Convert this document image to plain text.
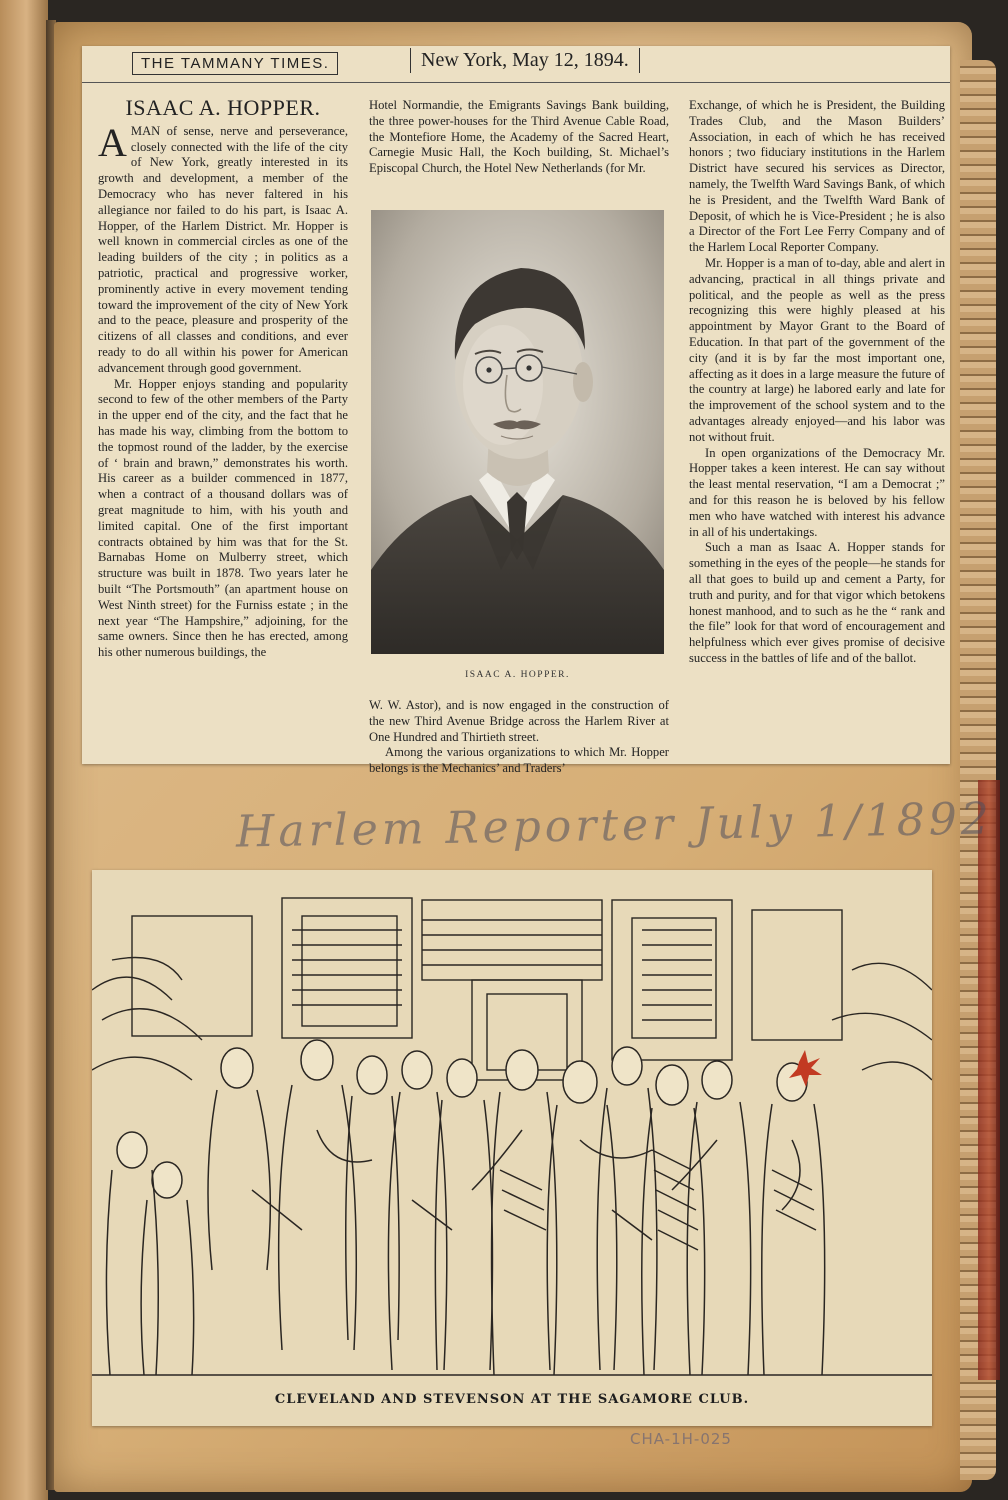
THE TAMMANY TIMES.	New York, May 12, 1894.
ISAAC A. HOPPER.

AMAN of sense, nerve and perseverance, closely connected with the life of the city of New York, greatly interested in its growth and development, a member of the Democracy who has never faltered in his allegiance nor failed to do his part, is Isaac A. Hopper, of the Harlem District. Mr. Hopper is well known in commercial circles as one of the leading builders of the city ; in politics as a patriotic, practical and progressive worker, prominently active in every movement tending toward the improvement of the city of New York and to the peace, pleasure and prosperity of the citizens of all classes and conditions, and ever ready to do all within his power for American advancement through good government.

Mr. Hopper enjoys standing and popularity second to few of the other members of the Party in the upper end of the city, and the fact that he has made his way, climbing from the bottom to the topmost round of the ladder, by the exercise of ‘ brain and brawn,” demonstrates his worth. His career as a builder commenced in 1877, when a contract of a thousand dollars was of great magnitude to him, with his youth and limited capital. One of the first important contracts obtained by him was that for the St. Barnabas Home on Mulberry street, which structure was built in 1878. Two years later he built “The Portsmouth” (an apartment house on West Ninth street) for the Furniss estate ; in the next year “The Hampshire,” adjoining, for the same owners. Since then he has erected, among his other numerous buildings, the

Hotel Normandie, the Emigrants Savings Bank building, the three power-houses for the Third Avenue Cable Road, the Montefiore Home, the Academy of the Sacred Heart, Carnegie Music Hall, the Koch building, St. Michael’s Episcopal Church, the Hotel New Netherlands (for Mr.

ISAAC A. HOPPER.

W. W. Astor), and is now engaged in the construction of the new Third Avenue Bridge across the Harlem River at One Hundred and Thirtieth street.

Among the various organizations to which Mr. Hopper belongs is the Mechanics’ and Traders’

Exchange, of which he is President, the Building Trades Club, and the Mason Builders’ Association, in each of which he has received honors ; two fiduciary institutions in the Harlem District have secured his services as Director, namely, the Twelfth Ward Savings Bank, of which he is President, and the Twelfth Ward Bank of Deposit, of which he is Vice-President ; he is also a Director of the Fort Lee Ferry Company and of the Harlem Local Reporter Company.

Mr. Hopper is a man of to-day, able and alert in advancing, practical in all things private and political, and the people as well as the press recognizing this were highly pleased at his appointment by Mayor Grant to the Board of Education. In that part of the government of the city (and it is by far the most important one, affecting as it does in a large measure the future of the country at large) he labored early and late for the improvement of the school system and to the advantages already enjoyed—and his labor was not without fruit.

In open organizations of the Democracy Mr. Hopper takes a keen interest. He can say without the least mental reservation, “I am a Democrat ;” and for this reason he is beloved by his fellow men who have watched with interest his advance in all of his undertakings.

Such a man as Isaac A. Hopper stands for something in the eyes of the people—he stands for all that goes to build up and cement a Party, for truth and purity, and for that vigor which betokens honest manhood, and to such as he the “ rank and the file” look for that word of encouragement and helpfulness which ever gives promise of decisive success in the battles of life and of the ballot.

Harlem Reporter July 1/1892
CLEVELAND AND STEVENSON AT THE SAGAMORE CLUB.
CHA-1H-025
